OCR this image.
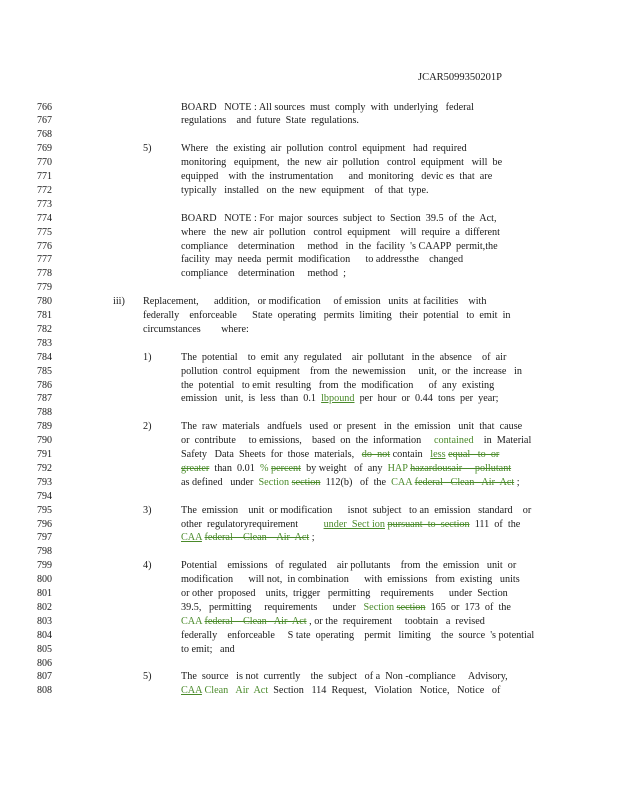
JCAR5099350201P
766	BOARD   NOTE : All sources  must  comply  with  underlying   federal
767	regulations    and  future  State  regulations.
768
769	5)	Where   the  existing  air  pollution  control  equipment   had  required
770	monitoring   equipment,   the  new  air  pollution   control  equipment   will  be
771	equipped    with  the  instrumentation      and  monitoring   devic es  that  are
772	typically   installed   on  the  new  equipment    of  that  type.
773
774	BOARD   NOTE : For  major  sources  subject  to  Section  39.5  of  the  Act,
775	where   the  new  air  pollution   control  equipment    will  require  a  different
776	compliance    determination     method   in  the  facility  's CAAPP  permit,the
777	facility  may  needa  permit  modification      to addressthe    changed
778	compliance    determination     method  ;
779
780	iii) Replacement,      addition,   or modification     of emission   units  at facilities    with
781	federally    enforceable      State  operating   permits  limiting   their  potential   to  emit  in
782	circumstances        where:
783
784	1)	The  potential    to  emit  any  regulated    air  pollutant   in the  absence    of  air
785	pollution  control  equipment    from  the  newemission     unit,  or  the  increase   in
786	the  potential   to emit  resulting   from  the  modification      of  any  existing
787	emission   unit,  is  less  than  0.1  lbpound  per  hour  or  0.44  tons  per  year;
788
789	2)	The  raw  materials   andfuels   used  or  present   in  the  emission   unit  that  cause
790	or  contribute     to emissions,    based  on  the  information     contained    in  Material
791	Safety   Data  Sheets  for  those  materials,   do  not contain   less equal   to  or
792	greater  than  0.01  % percent  by weight   of  any  HAP hazardousair     pollutant
793	as defined   under  Section section  112(b)   of  the  CAA federal   Clean   Air  Act ;
794
795	3)	The  emission    unit  or modification      isnot  subject   to an  emission   standard    or
796	other  regulatoryrequirement          under  Sect ion pursuant  to  section  111  of  the
797	CAA federal    Clean    Air  Act ;
798
799	4)	Potential    emissions   of  regulated    air pollutants    from  the  emission   unit  or
800	modification      will not,  in combination      with  emissions   from  existing   units
801	or other  proposed    units,  trigger   permitting    requirements      under  Section
802	39.5,   permitting     requirements      under   Section section  165  or  173  of  the
803	CAA federal    Clean   Air  Act , or the  requirement     toobtain   a  revised
804	federally    enforceable     S tate  operating    permit   limiting    the  source  's potential
805	to emit;   and
806
807	5)	The  source   is not  currently    the  subject   of a  Non -compliance     Advisory,
808	CAA Clean   Air  Act  Section   114  Request,   Violation   Notice,   Notice   of
